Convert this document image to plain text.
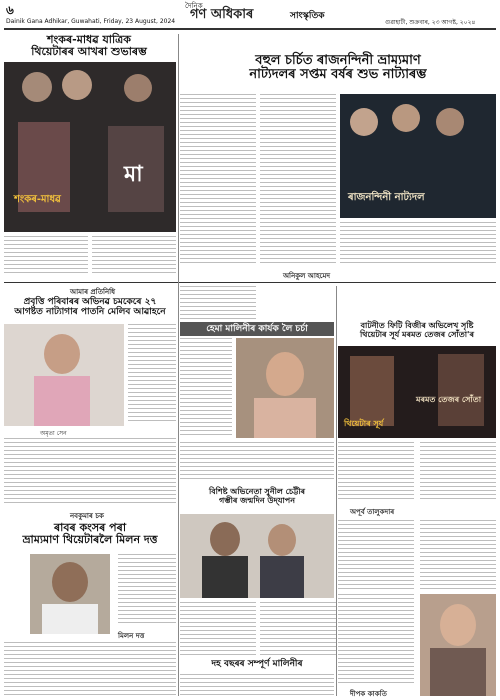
৬	দৈনিক
গণ অধিকাৰ	সাংস্কৃতিক
Dainik Gana Adhikar, Guwahati, Friday, 23 August, 2024	গুৱাহাটী, শুক্ৰবাৰ, ২৩ আগষ্ট, ২০২৪
শংকৰ-মাধৱ যাত্ৰিক
থিয়েটাৰৰ আখৰা শুভাৰম্ভ
শংকৰ-মাধৱ
মা
বহুল চৰ্চিত ৰাজনন্দিনী ভ্ৰাম্যমাণ
নাট্যদলৰ সপ্তম বৰ্ষৰ শুভ নাট্যাৰম্ভ
ৰাজনন্দিনী নাট্যদল
অনিকুল আহমেদ
আমাৰ প্ৰতিনিধি
প্ৰবৃত্তি পৰিবাৰৰ অভিনৱ চমকেৰে ২৭
আগষ্টত নাট্যাগাৰ পাতনি মেলিব আৱাহনে
অমৃতা সেন
নবকুমাৰ চক
ৰাবৰ কংসৰ পৰা
ভ্ৰাম্যমাণ থিয়েটাৰলৈ মিলন দত্ত
মিলন দত্ত
হেমা মালিনীৰ কাৰ্যক লৈ চৰ্চা	বাটনীত ফিটি বিজীৰ অভিলেখ সৃষ্টি
থিয়েটাৰ সূৰ্য মৰমত তেজৰ সোঁতা'ৰ
থিয়েটাৰ সূৰ্য
মৰমত তেজৰ সোঁতা
অপূৰ্ব তালুকদাৰ
বিশিষ্ট অভিনেতা সুনীল চেট্টীৰ
গম্ভীৰ জন্মদিন উদ্‌যাপন
দহ বছৰৰ সম্পূৰ্ণ মালিনীৰ
দীপক কাকতি
